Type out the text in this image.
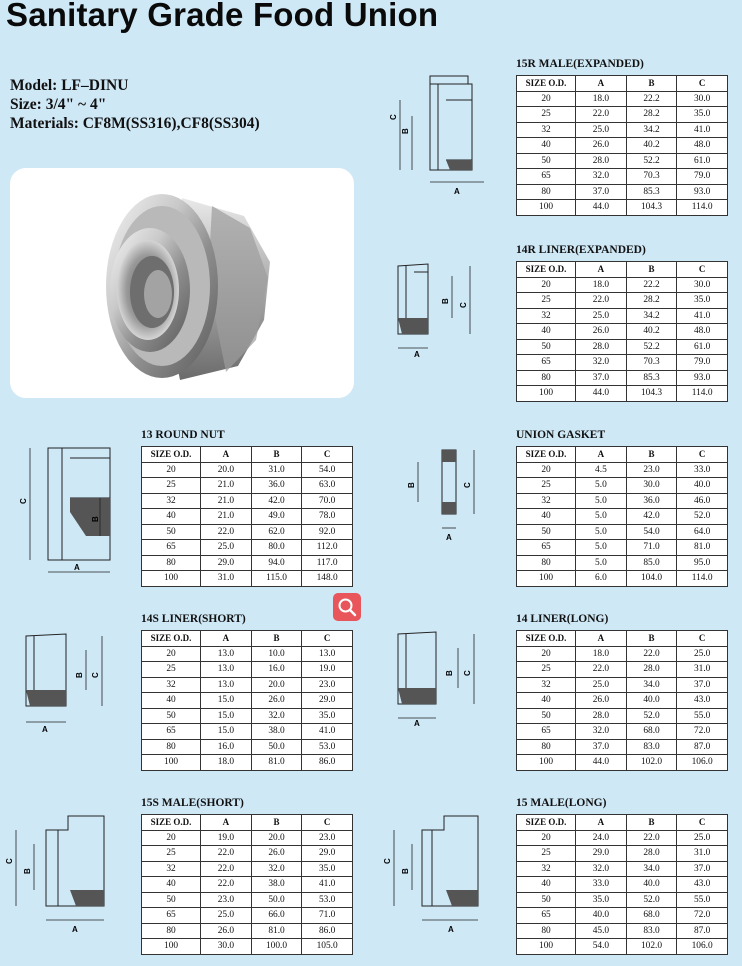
Sanitary Grade Food Union
Model: LF–DINU
Size: 3/4" ~ 4"
Materials: CF8M(SS316),CF8(SS304)	C
B
A
15R MALE(EXPANDED)
SIZE O.D.	A	B	C
20	18.0	22.2	30.0
25	22.0	28.2	35.0
32	25.0	34.2	41.0
40	26.0	40.2	48.0
50	28.0	52.2	61.0
65	32.0	70.3	79.0
80	37.0	85.3	93.0
100	44.0	104.3	114.0
B
C
A
14R LINER(EXPANDED)
SIZE O.D.	A	B	C
20	18.0	22.2	30.0
25	22.0	28.2	35.0
32	25.0	34.2	41.0
40	26.0	40.2	48.0
50	28.0	52.2	61.0
65	32.0	70.3	79.0
80	37.0	85.3	93.0
100	44.0	104.3	114.0
C
B
A
13 ROUND NUT
SIZE O.D.	A	B	C
20	20.0	31.0	54.0
25	21.0	36.0	63.0
32	21.0	42.0	70.0
40	21.0	49.0	78.0
50	22.0	62.0	92.0
65	25.0	80.0	112.0
80	29.0	94.0	117.0
100	31.0	115.0	148.0
B	C
A
UNION GASKET
SIZE O.D.	A	B	C
20	4.5	23.0	33.0
25	5.0	30.0	40.0
32	5.0	36.0	46.0
40	5.0	42.0	52.0
50	5.0	54.0	64.0
65	5.0	71.0	81.0
80	5.0	85.0	95.0
100	6.0	104.0	114.0
B C
A
14S LINER(SHORT)
SIZE O.D.	A	B	C
20	13.0	10.0	13.0
25	13.0	16.0	19.0
32	13.0	20.0	23.0
40	15.0	26.0	29.0
50	15.0	32.0	35.0
65	15.0	38.0	41.0
80	16.0	50.0	53.0
100	18.0	81.0	86.0
B C
A
14 LINER(LONG)
SIZE O.D.	A	B	C
20	18.0	22.0	25.0
25	22.0	28.0	31.0
32	25.0	34.0	37.0
40	26.0	40.0	43.0
50	28.0	52.0	55.0
65	32.0	68.0	72.0
80	37.0	83.0	87.0
100	44.0	102.0	106.0
C
B
A
15S MALE(SHORT)
SIZE O.D.	A	B	C
20	19.0	20.0	23.0
25	22.0	26.0	29.0
32	22.0	32.0	35.0
40	22.0	38.0	41.0
50	23.0	50.0	53.0
65	25.0	66.0	71.0
80	26.0	81.0	86.0
100	30.0	100.0	105.0
C
B
A
15 MALE(LONG)
SIZE O.D.	A	B	C
20	24.0	22.0	25.0
25	29.0	28.0	31.0
32	32.0	34.0	37.0
40	33.0	40.0	43.0
50	35.0	52.0	55.0
65	40.0	68.0	72.0
80	45.0	83.0	87.0
100	54.0	102.0	106.0
